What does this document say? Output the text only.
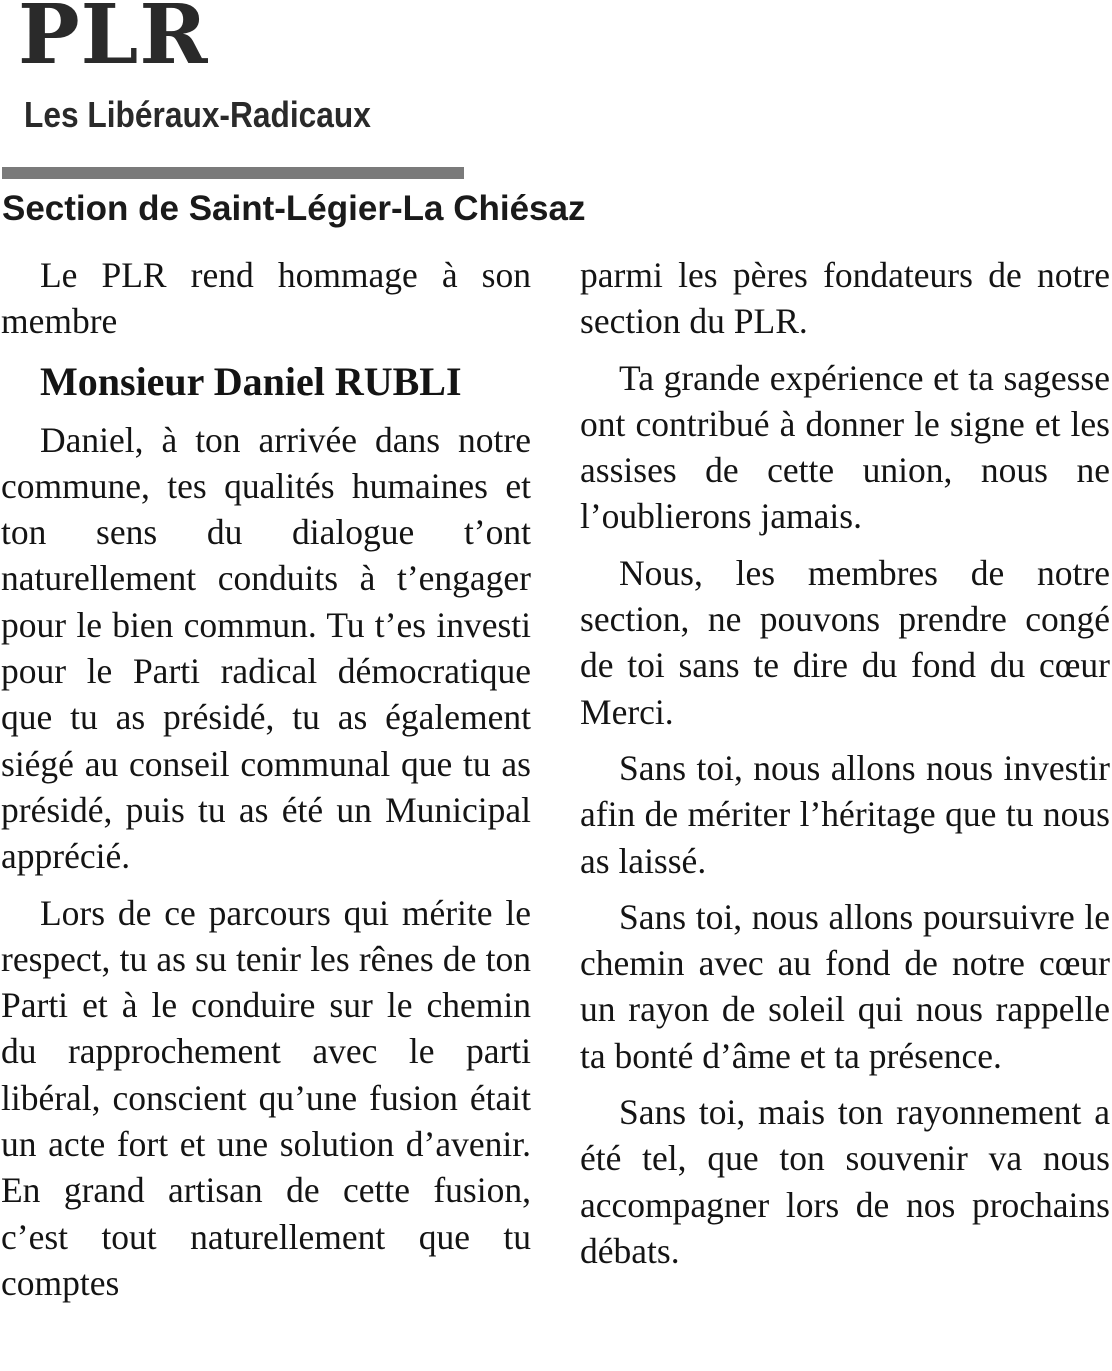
PLR
Les Libéraux-Radicaux
Section de Saint-Légier-La Chiésaz

Le PLR rend hommage à son membre

Monsieur Daniel RUBLI

Daniel, à ton arrivée dans notre commune, tes qualités humaines et ton sens du dialogue t’ont naturellement conduits à t’engager pour le bien commun. Tu t’es investi pour le Parti radical démocratique que tu as présidé, tu as également siégé au conseil communal que tu as présidé, puis tu as été un Municipal apprécié.

Lors de ce parcours qui mérite le respect, tu as su tenir les rênes de ton Parti et à le conduire sur le chemin du rapprochement avec le parti libéral, conscient qu’une fusion était un acte fort et une solution d’avenir. En grand artisan de cette fusion, c’est tout naturellement que tu comptes

parmi les pères fondateurs de notre section du PLR.

Ta grande expérience et ta sagesse ont contribué à donner le signe et les assises de cette union, nous ne l’oublierons jamais.

Nous, les membres de notre section, ne pouvons prendre congé de toi sans te dire du fond du cœur Merci.

Sans toi, nous allons nous investir afin de mériter l’héritage que tu nous as laissé.

Sans toi, nous allons poursuivre le chemin avec au fond de notre cœur un rayon de soleil qui nous rappelle ta bonté d’âme et ta présence.

Sans toi, mais ton rayonnement a été tel, que ton souvenir va nous accompagner lors de nos prochains débats.
